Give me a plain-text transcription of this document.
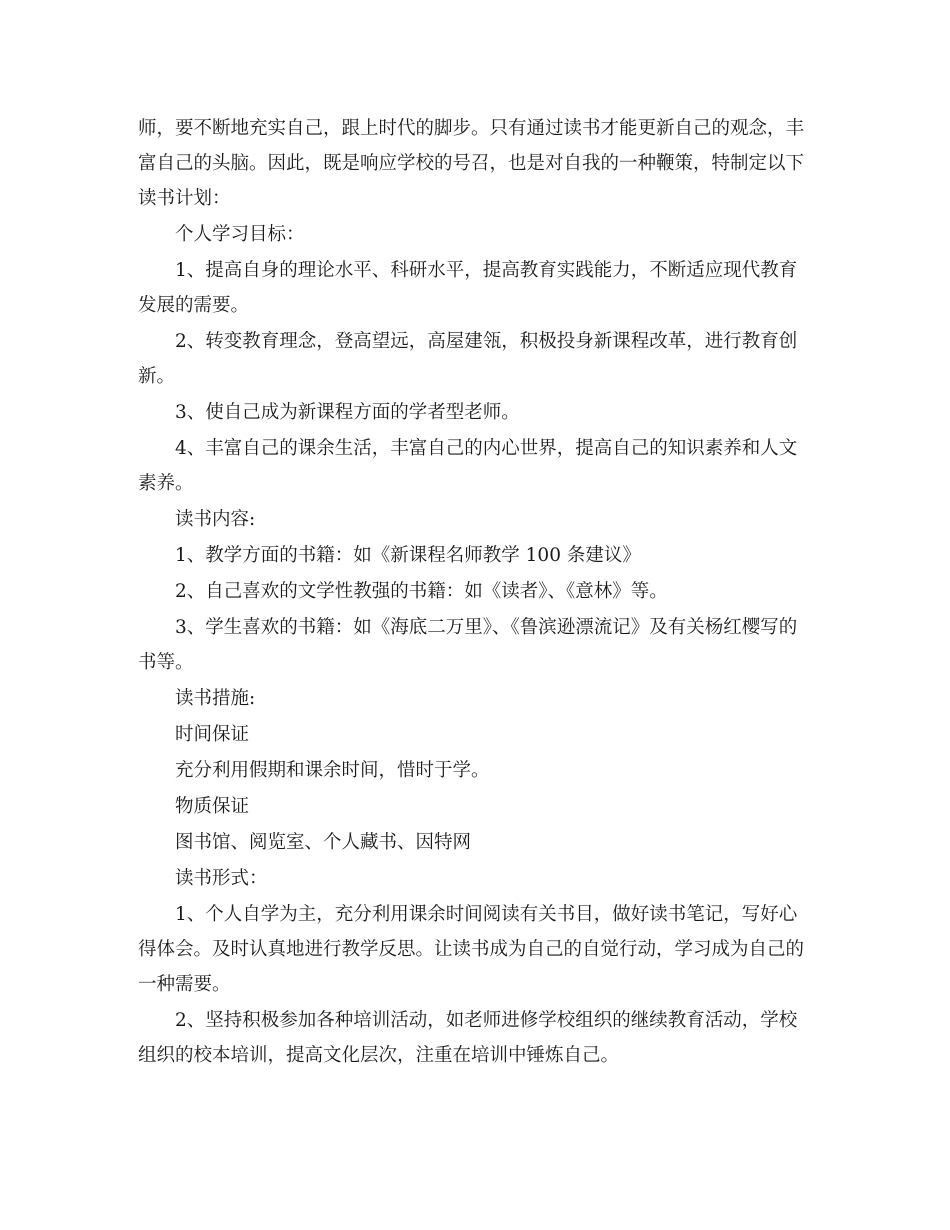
师，要不断地充实自己，跟上时代的脚步。只有通过读书才能更新自己的观念，丰富自己的头脑。因此，既是响应学校的号召，也是对自我的一种鞭策，特制定以下读书计划：

个人学习目标：

1、提高自身的理论水平、科研水平，提高教育实践能力，不断适应现代教育发展的需要。

2、转变教育理念，登高望远，高屋建瓴，积极投身新课程改革，进行教育创新。

3、使自己成为新课程方面的学者型老师。

4、丰富自己的课余生活，丰富自己的内心世界，提高自己的知识素养和人文素养。

读书内容:

1、教学方面的书籍：如《新课程名师教学 100 条建议》

2、自己喜欢的文学性教强的书籍：如《读者》、《意林》等。

3、学生喜欢的书籍：如《海底二万里》、《鲁滨逊漂流记》及有关杨红樱写的书等。

读书措施:

时间保证

充分利用假期和课余时间，惜时于学。

物质保证

图书馆、阅览室、个人藏书、因特网

读书形式：

1、个人自学为主，充分利用课余时间阅读有关书目，做好读书笔记，写好心得体会。及时认真地进行教学反思。让读书成为自己的自觉行动，学习成为自己的一种需要。

2、坚持积极参加各种培训活动，如老师进修学校组织的继续教育活动，学校组织的校本培训，提高文化层次，注重在培训中锤炼自己。
